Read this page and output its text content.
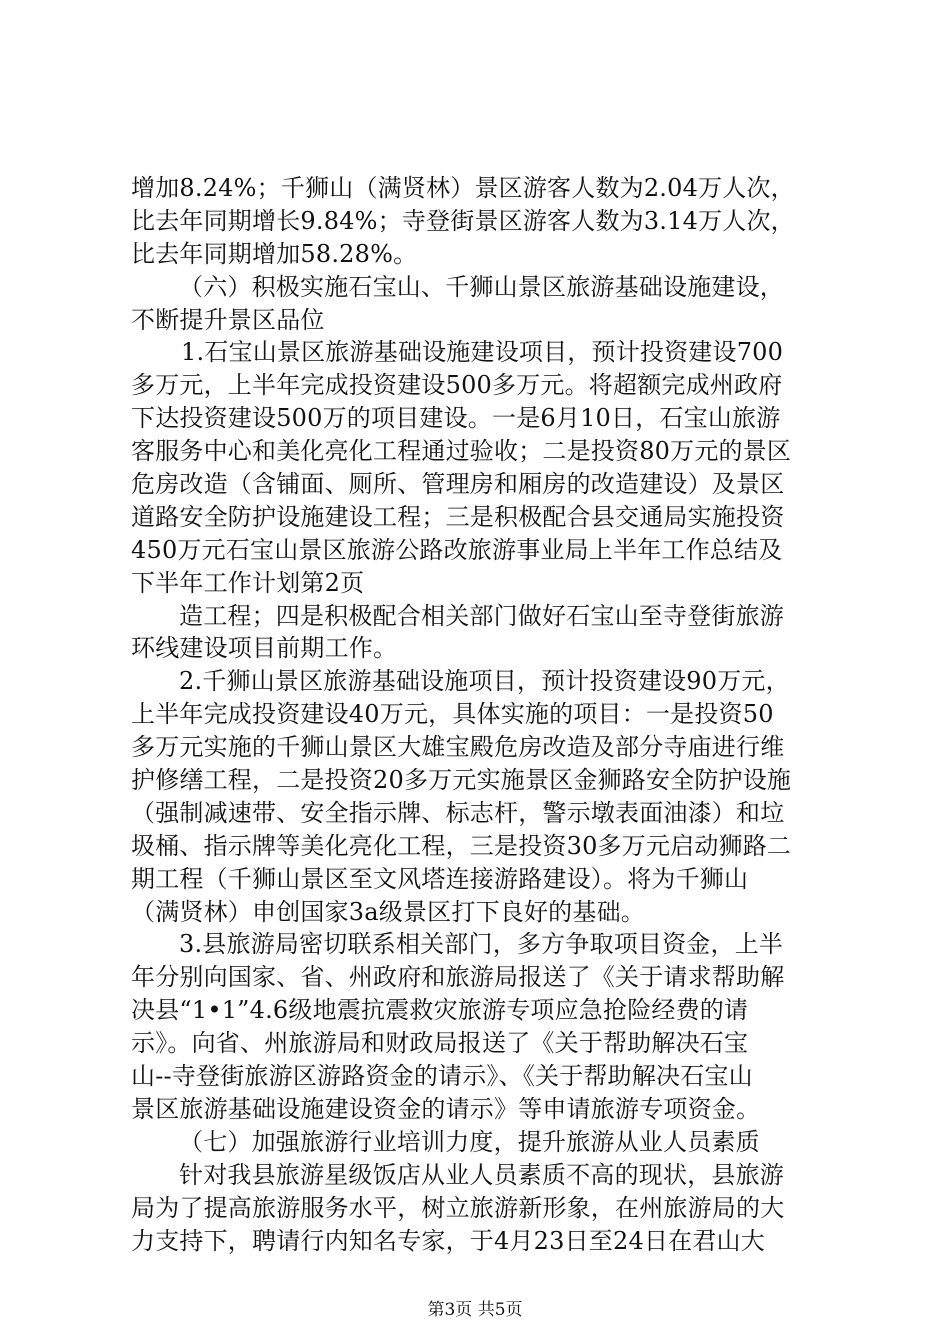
增加8.24%；千狮山（满贤林）景区游客人数为2.04万人次，
比去年同期增长9.84%；寺登街景区游客人数为3.14万人次，
比去年同期增加58.28%。
（六）积极实施石宝山、千狮山景区旅游基础设施建设，
不断提升景区品位
1.石宝山景区旅游基础设施建设项目，预计投资建设700
多万元，上半年完成投资建设500多万元。将超额完成州政府
下达投资建设500万的项目建设。一是6月10日，石宝山旅游
客服务中心和美化亮化工程通过验收；二是投资80万元的景区
危房改造（含铺面、厕所、管理房和厢房的改造建设）及景区
道路安全防护设施建设工程；三是积极配合县交通局实施投资
450万元石宝山景区旅游公路改旅游事业局上半年工作总结及
下半年工作计划第2页
造工程；四是积极配合相关部门做好石宝山至寺登街旅游
环线建设项目前期工作。
2.千狮山景区旅游基础设施项目，预计投资建设90万元，
上半年完成投资建设40万元，具体实施的项目：一是投资50
多万元实施的千狮山景区大雄宝殿危房改造及部分寺庙进行维
护修缮工程，二是投资20多万元实施景区金狮路安全防护设施
（强制减速带、安全指示牌、标志杆，警示墩表面油漆）和垃
圾桶、指示牌等美化亮化工程，三是投资30多万元启动狮路二
期工程（千狮山景区至文风塔连接游路建设）。将为千狮山
（满贤林）申创国家3a级景区打下良好的基础。
3.县旅游局密切联系相关部门，多方争取项目资金，上半
年分别向国家、省、州政府和旅游局报送了《关于请求帮助解
决县“1•1”4.6级地震抗震救灾旅游专项应急抢险经费的请
示》。向省、州旅游局和财政局报送了《关于帮助解决石宝
山--寺登街旅游区游路资金的请示》、《关于帮助解决石宝山
景区旅游基础设施建设资金的请示》等申请旅游专项资金。
（七）加强旅游行业培训力度，提升旅游从业人员素质
针对我县旅游星级饭店从业人员素质不高的现状，县旅游
局为了提高旅游服务水平，树立旅游新形象，在州旅游局的大
力支持下，聘请行内知名专家，于4月23日至24日在君山大
第3页 共5页
